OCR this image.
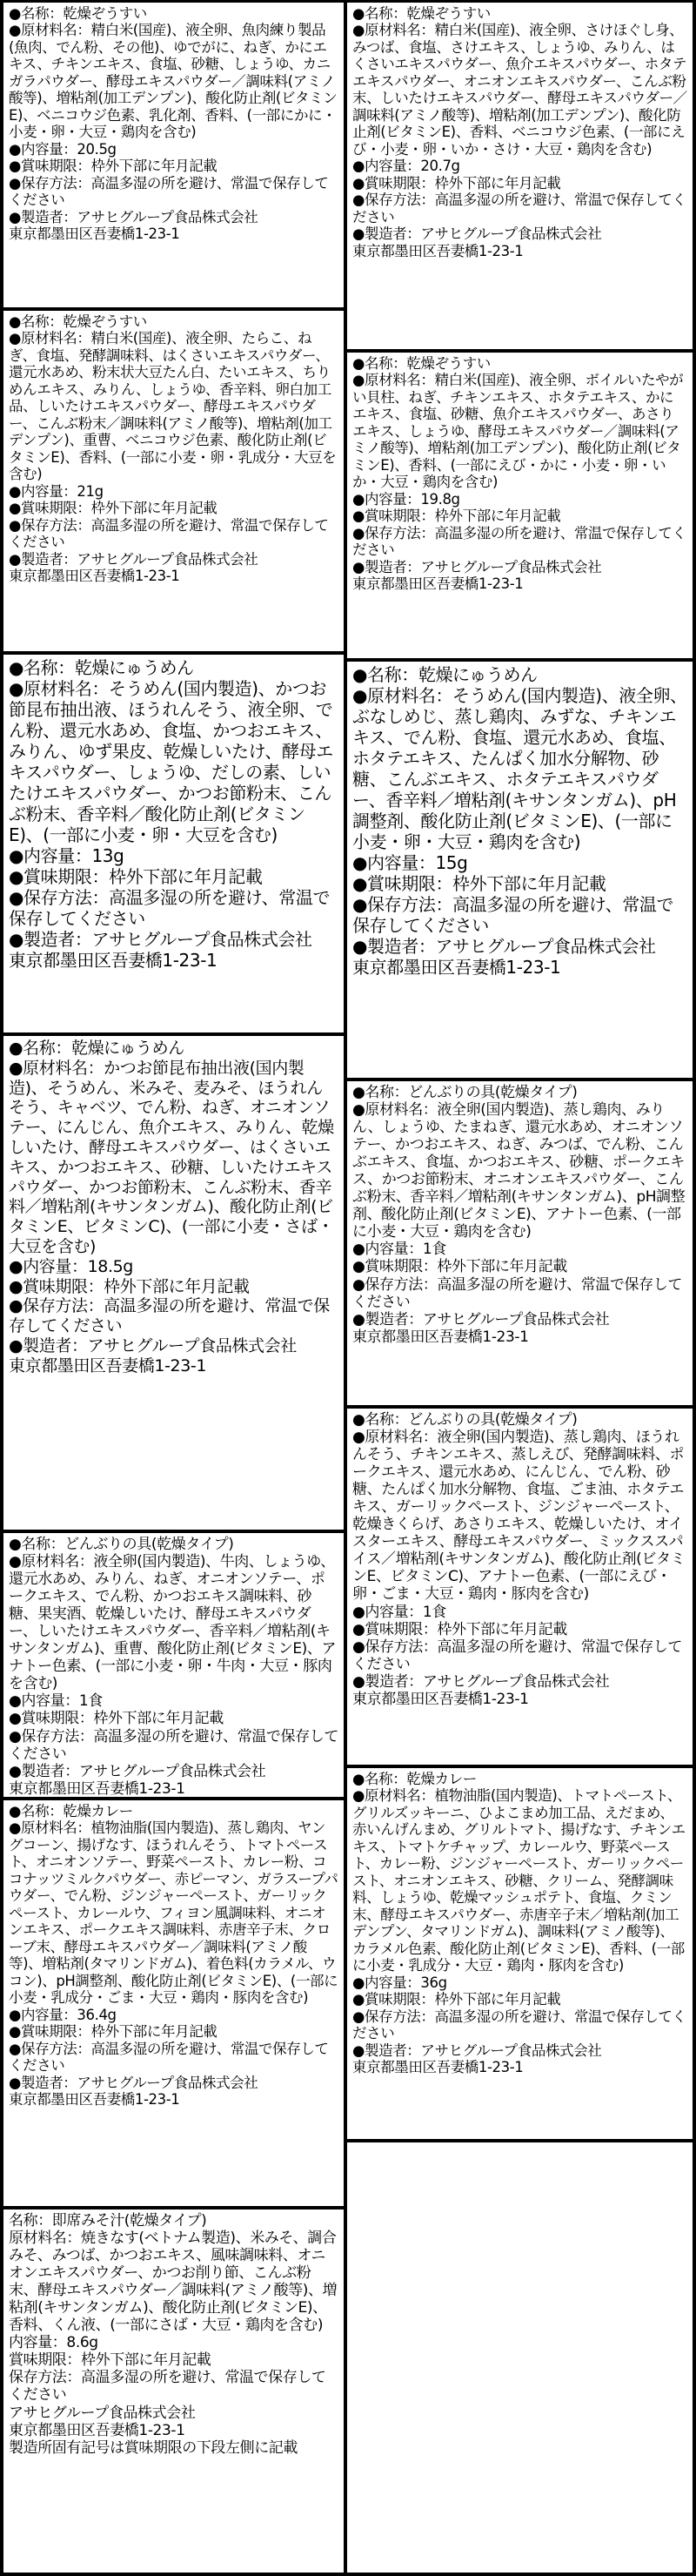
●名称：乾燥ぞうすい
●原材料名：精白米(国産)、液全卵、魚肉練り製品(魚肉、でん粉、その他)、ゆでがに、ねぎ、かにエキス、チキンエキス、食塩、砂糖、しょうゆ、カニガラパウダー、酵母エキスパウダー／調味料(アミノ酸等)、増粘剤(加工デンプン)、酸化防止剤(ビタミンE)、ベニコウジ色素、乳化剤、香料、(一部にかに・小麦・卵・大豆・鶏肉を含む)
●内容量：20.5g
●賞味期限：枠外下部に年月記載
●保存方法：高温多湿の所を避け、常温で保存してください
●製造者：アサヒグループ食品株式会社
東京都墨田区吾妻橋1-23-1
●名称：乾燥ぞうすい
●原材料名：精白米(国産)、液全卵、たらこ、ねぎ、食塩、発酵調味料、はくさいエキスパウダー、還元水あめ、粉末状大豆たん白、たいエキス、ちりめんエキス、みりん、しょうゆ、香辛料、卵白加工品、しいたけエキスパウダー、酵母エキスパウダー、こんぶ粉末／調味料(アミノ酸等)、増粘剤(加工デンプン)、重曹、ベニコウジ色素、酸化防止剤(ビタミンE)、香料、(一部に小麦・卵・乳成分・大豆を含む)
●内容量：21g
●賞味期限：枠外下部に年月記載
●保存方法：高温多湿の所を避け、常温で保存してください
●製造者：アサヒグループ食品株式会社
東京都墨田区吾妻橋1-23-1
●名称：乾燥にゅうめん
●原材料名：そうめん(国内製造)、かつお節昆布抽出液、ほうれんそう、液全卵、でん粉、還元水あめ、食塩、かつおエキス、みりん、ゆず果皮、乾燥しいたけ、酵母エキスパウダー、しょうゆ、だしの素、しいたけエキスパウダー、かつお節粉末、こんぶ粉末、香辛料／酸化防止剤(ビタミンE)、(一部に小麦・卵・大豆を含む)
●内容量：13g
●賞味期限：枠外下部に年月記載
●保存方法：高温多湿の所を避け、常温で保存してください
●製造者：アサヒグループ食品株式会社
東京都墨田区吾妻橋1-23-1
●名称：乾燥にゅうめん
●原材料名：かつお節昆布抽出液(国内製造)、そうめん、米みそ、麦みそ、ほうれんそう、キャベツ、でん粉、ねぎ、オニオンソテー、にんじん、魚介エキス、みりん、乾燥しいたけ、酵母エキスパウダー、はくさいエキス、かつおエキス、砂糖、しいたけエキスパウダー、かつお節粉末、こんぶ粉末、香辛料／増粘剤(キサンタンガム)、酸化防止剤(ビタミンE、ビタミンC)、(一部に小麦・さば・大豆を含む)
●内容量：18.5g
●賞味期限：枠外下部に年月記載
●保存方法：高温多湿の所を避け、常温で保存してください
●製造者：アサヒグループ食品株式会社
東京都墨田区吾妻橋1-23-1
●名称：どんぶりの具(乾燥タイプ)
●原材料名：液全卵(国内製造)、牛肉、しょうゆ、還元水あめ、みりん、ねぎ、オニオンソテー、ポークエキス、でん粉、かつおエキス調味料、砂糖、果実酒、乾燥しいたけ、酵母エキスパウダー、しいたけエキスパウダー、香辛料／増粘剤(キサンタンガム)、重曹、酸化防止剤(ビタミンE)、アナトー色素、(一部に小麦・卵・牛肉・大豆・豚肉を含む)
●内容量：1食
●賞味期限：枠外下部に年月記載
●保存方法：高温多湿の所を避け、常温で保存してください
●製造者：アサヒグループ食品株式会社
東京都墨田区吾妻橋1-23-1
●名称：乾燥カレー
●原材料名：植物油脂(国内製造)、蒸し鶏肉、ヤングコーン、揚げなす、ほうれんそう、トマトペースト、オニオンソテー、野菜ペースト、カレー粉、ココナッツミルクパウダー、赤ピーマン、ガラスープパウダー、でん粉、ジンジャーペースト、ガーリックペースト、カレールウ、フィヨン風調味料、オニオンエキス、ポークエキス調味料、赤唐辛子末、クローブ末、酵母エキスパウダー／調味料(アミノ酸等)、増粘剤(タマリンドガム)、着色料(カラメル、ウコン)、pH調整剤、酸化防止剤(ビタミンE)、(一部に小麦・乳成分・ごま・大豆・鶏肉・豚肉を含む)
●内容量：36.4g
●賞味期限：枠外下部に年月記載
●保存方法：高温多湿の所を避け、常温で保存してください
●製造者：アサヒグループ食品株式会社
東京都墨田区吾妻橋1-23-1
名称：即席みそ汁(乾燥タイプ)
原材料名：焼きなす(ベトナム製造)、米みそ、調合みそ、みつば、かつおエキス、風味調味料、オニオンエキスパウダー、かつお削り節、こんぶ粉末、酵母エキスパウダー／調味料(アミノ酸等)、増粘剤(キサンタンガム)、酸化防止剤(ビタミンE)、香料、くん液、(一部にさば・大豆・鶏肉を含む)
内容量：8.6g
賞味期限：枠外下部に年月記載
保存方法：高温多湿の所を避け、常温で保存してください
アサヒグループ食品株式会社
東京都墨田区吾妻橋1-23-1
製造所固有記号は賞味期限の下段左側に記載
●名称：乾燥ぞうすい
●原材料名：精白米(国産)、液全卵、さけほぐし身、みつば、食塩、さけエキス、しょうゆ、みりん、はくさいエキスパウダー、魚介エキスパウダー、ホタテエキスパウダー、オニオンエキスパウダー、こんぶ粉末、しいたけエキスパウダー、酵母エキスパウダー／調味料(アミノ酸等)、増粘剤(加工デンプン)、酸化防止剤(ビタミンE)、香料、ベニコウジ色素、(一部にえび・小麦・卵・いか・さけ・大豆・鶏肉を含む)
●内容量：20.7g
●賞味期限：枠外下部に年月記載
●保存方法：高温多湿の所を避け、常温で保存してください
●製造者：アサヒグループ食品株式会社
東京都墨田区吾妻橋1-23-1
●名称：乾燥ぞうすい
●原材料名：精白米(国産)、液全卵、ボイルいたやがい貝柱、ねぎ、チキンエキス、ホタテエキス、かにエキス、食塩、砂糖、魚介エキスパウダー、あさりエキス、しょうゆ、酵母エキスパウダー／調味料(アミノ酸等)、増粘剤(加工デンプン)、酸化防止剤(ビタミンE)、香料、(一部にえび・かに・小麦・卵・いか・大豆・鶏肉を含む)
●内容量：19.8g
●賞味期限：枠外下部に年月記載
●保存方法：高温多湿の所を避け、常温で保存してください
●製造者：アサヒグループ食品株式会社
東京都墨田区吾妻橋1-23-1
●名称：乾燥にゅうめん
●原材料名：そうめん(国内製造)、液全卵、ぶなしめじ、蒸し鶏肉、みずな、チキンエキス、でん粉、食塩、還元水あめ、食塩、ホタテエキス、たんぱく加水分解物、砂糖、こんぶエキス、ホタテエキスパウダー、香辛料／増粘剤(キサンタンガム)、pH調整剤、酸化防止剤(ビタミンE)、(一部に小麦・卵・大豆・鶏肉を含む)
●内容量：15g
●賞味期限：枠外下部に年月記載
●保存方法：高温多湿の所を避け、常温で保存してください
●製造者：アサヒグループ食品株式会社
東京都墨田区吾妻橋1-23-1
●名称：どんぶりの具(乾燥タイプ)
●原材料名：液全卵(国内製造)、蒸し鶏肉、みりん、しょうゆ、たまねぎ、還元水あめ、オニオンソテー、かつおエキス、ねぎ、みつば、でん粉、こんぶエキス、食塩、かつおエキス、砂糖、ポークエキス、かつお節粉末、オニオンエキスパウダー、こんぶ粉末、香辛料／増粘剤(キサンタンガム)、pH調整剤、酸化防止剤(ビタミンE)、アナトー色素、(一部に小麦・大豆・鶏肉を含む)
●内容量：1食
●賞味期限：枠外下部に年月記載
●保存方法：高温多湿の所を避け、常温で保存してください
●製造者：アサヒグループ食品株式会社
東京都墨田区吾妻橋1-23-1
●名称：どんぶりの具(乾燥タイプ)
●原材料名：液全卵(国内製造)、蒸し鶏肉、ほうれんそう、チキンエキス、蒸しえび、発酵調味料、ポークエキス、還元水あめ、にんじん、でん粉、砂糖、たんぱく加水分解物、食塩、ごま油、ホタテエキス、ガーリックペースト、ジンジャーペースト、乾燥きくらげ、あさりエキス、乾燥しいたけ、オイスターエキス、酵母エキスパウダー、ミックススパイス／増粘剤(キサンタンガム)、酸化防止剤(ビタミンE、ビタミンC)、アナトー色素、(一部にえび・卵・ごま・大豆・鶏肉・豚肉を含む)
●内容量：1食
●賞味期限：枠外下部に年月記載
●保存方法：高温多湿の所を避け、常温で保存してください
●製造者：アサヒグループ食品株式会社
東京都墨田区吾妻橋1-23-1
●名称：乾燥カレー
●原材料名：植物油脂(国内製造)、トマトペースト、グリルズッキーニ、ひよこまめ加工品、えだまめ、赤いんげんまめ、グリルトマト、揚げなす、チキンエキス、トマトケチャップ、カレールウ、野菜ペースト、カレー粉、ジンジャーペースト、ガーリックペースト、オニオンエキス、砂糖、クリーム、発酵調味料、しょうゆ、乾燥マッシュポテト、食塩、クミン末、酵母エキスパウダー、赤唐辛子末／増粘剤(加工デンプン、タマリンドガム)、調味料(アミノ酸等)、カラメル色素、酸化防止剤(ビタミンE)、香料、(一部に小麦・乳成分・大豆・鶏肉・豚肉を含む)
●内容量：36g
●賞味期限：枠外下部に年月記載
●保存方法：高温多湿の所を避け、常温で保存してください
●製造者：アサヒグループ食品株式会社
東京都墨田区吾妻橋1-23-1
